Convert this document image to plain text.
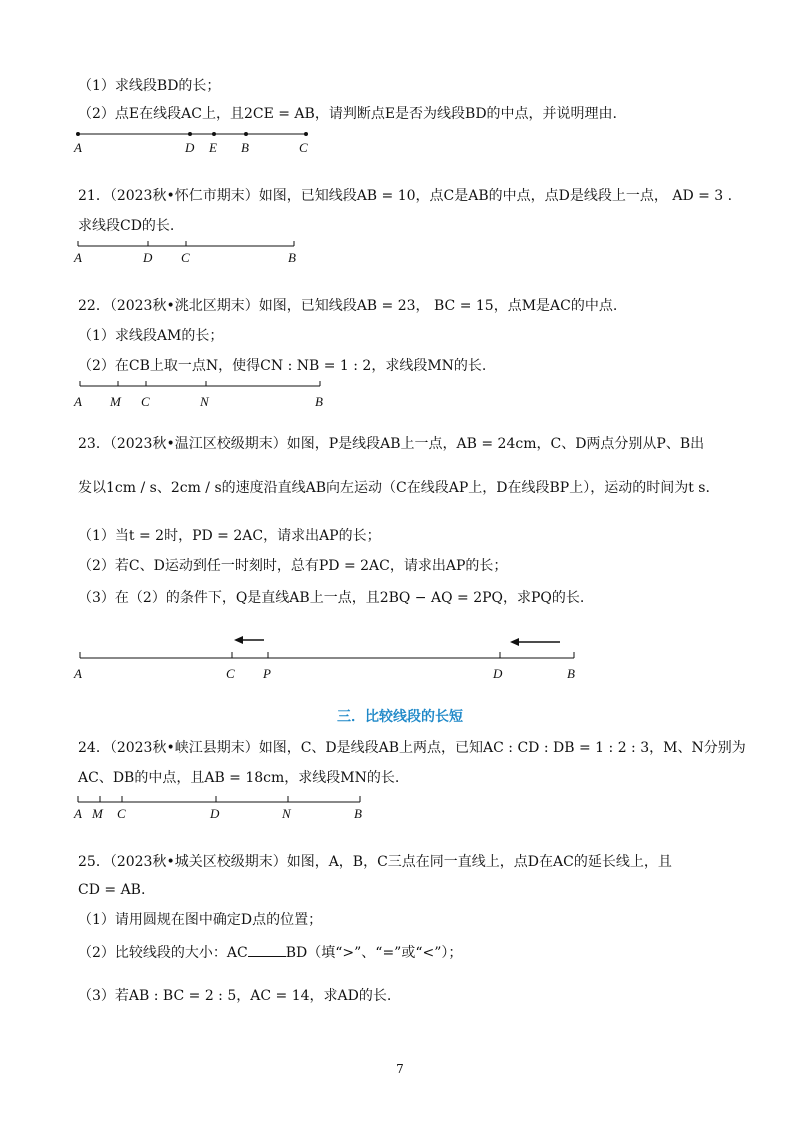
（1）求线段BD的长；
（2）点E在线段AC上，且2CE = AB，请判断点E是否为线段BD的中点，并说明理由.
A	D E B	C
21．（2023秋•怀仁市期末）如图，已知线段AB = 10，点C是AB的中点，点D是线段上一点， AD = 3 .
求线段CD的长.
A	D C	B
22．（2023秋•洮北区期末）如图，已知线段AB = 23， BC = 15，点M是AC的中点.
（1）求线段AM的长；
（2）在CB上取一点N，使得CN : NB = 1 : 2，求线段MN的长.
A M C	N	B
23．（2023秋•温江区校级期末）如图，P是线段AB上一点，AB = 24cm，C、D两点分别从P、B出
发以1cm / s、2cm / s的速度沿直线AB向左运动（C在线段AP上，D在线段BP上），运动的时间为t s.
（1）当t = 2时，PD = 2AC，请求出AP的长；
（2）若C、D运动到任一时刻时，总有PD = 2AC，请求出AP的长；
（3）在（2）的条件下，Q是直线AB上一点，且2BQ − AQ = 2PQ，求PQ的长.
A	C P	D	B
三．比较线段的长短
24．（2023秋•峡江县期末）如图，C、D是线段AB上两点，已知AC : CD : DB = 1 : 2 : 3，M、N分别为
AC、DB的中点，且AB = 18cm，求线段MN的长.
A M C	D	N	B
25．（2023秋•城关区校级期末）如图，A，B，C三点在同一直线上，点D在AC的延长线上，且
CD = AB.
（1）请用圆规在图中确定D点的位置；
（2）比较线段的大小：AC	BD（填“>”、“=”或“<”）；
（3）若AB : BC = 2 : 5，AC = 14，求AD的长.
7
